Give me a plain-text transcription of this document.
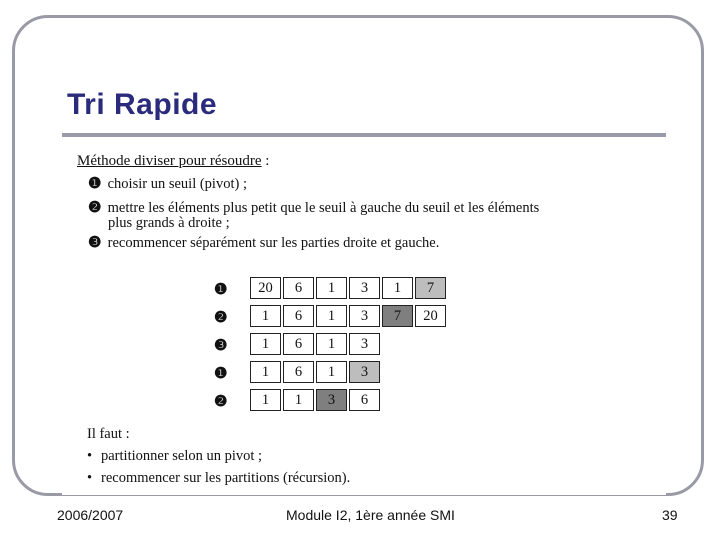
Tri Rapide
Méthode diviser pour résoudre :
❶ choisir un seuil (pivot) ;
❷ mettre les éléments plus petit que le seuil à gauche du seuil et les éléments
plus grands à droite ;
❸ recommencer séparément sur les parties droite et gauche.
❶	20	6	1	3	1	7
❷	1	6	1	3	7	20
❸	1	6	1	3
❶	1	6	1	3
❷	1	1	3	6
Il faut :
• partitionner selon un pivot ;
• recommencer sur les partitions (récursion).
2006/2007	Module I2, 1ère année SMI	39
